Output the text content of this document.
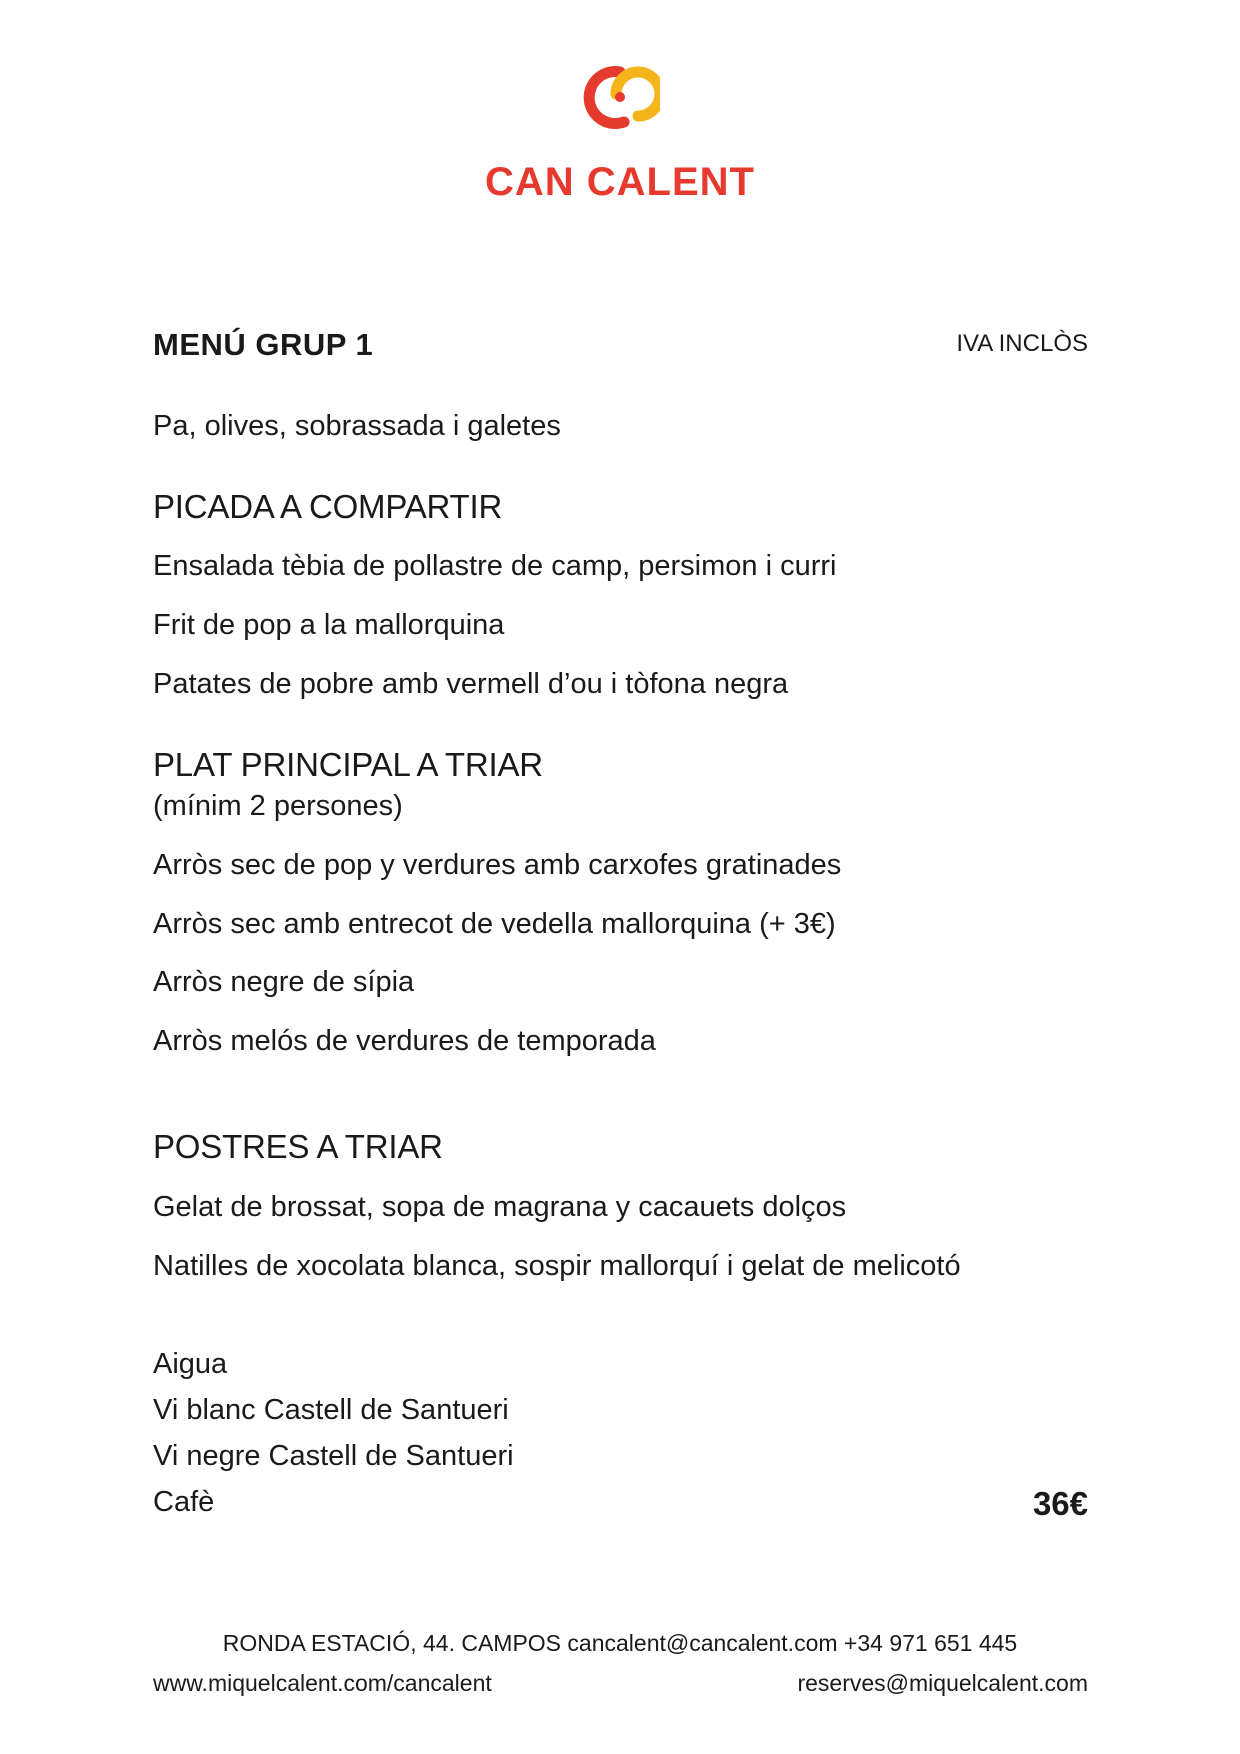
CAN CALENT
MENÚ GRUP 1	IVA INCLÒS
Pa, olives, sobrassada i galetes
PICADA A COMPARTIR
Ensalada tèbia de pollastre de camp, persimon i curri
Frit de pop a la mallorquina
Patates de pobre amb vermell d’ou i tòfona negra
PLAT PRINCIPAL A TRIAR
(mínim 2 persones)
Arròs sec de pop y verdures amb carxofes gratinades
Arròs sec amb entrecot de vedella mallorquina (+ 3€)
Arròs negre de sípia
Arròs melós de verdures de temporada
POSTRES A TRIAR
Gelat de brossat, sopa de magrana y cacauets dolços
Natilles de xocolata blanca, sospir mallorquí i gelat de melicotó
Aigua
Vi blanc Castell de Santueri
Vi negre Castell de Santueri
Cafè	36€
RONDA ESTACIÓ, 44. CAMPOS cancalent@cancalent.com +34 971 651 445
www.miquelcalent.com/cancalent	reserves@miquelcalent.com
